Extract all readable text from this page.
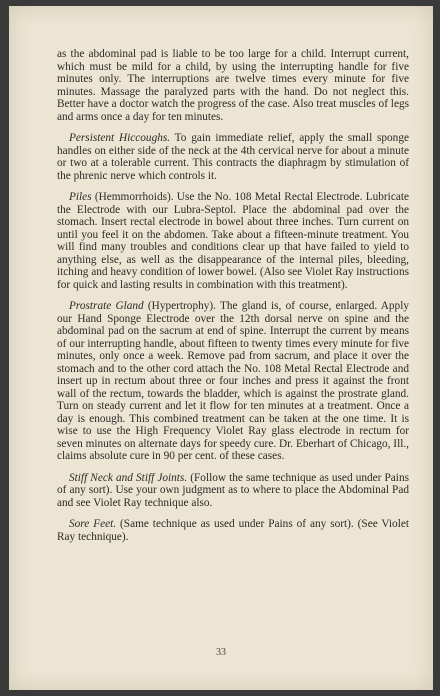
as the abdominal pad is liable to be too large for a child. Interrupt current, which must be mild for a child, by using the interrupting handle for five minutes only. The interruptions are twelve times every minute for five minutes. Massage the paralyzed parts with the hand. Do not neglect this. Better have a doctor watch the progress of the case. Also treat muscles of legs and arms once a day for ten minutes.

Persistent Hiccoughs. To gain immediate relief, apply the small sponge handles on either side of the neck at the 4th cervical nerve for about a minute or two at a tolerable current. This contracts the diaphragm by stimulation of the phrenic nerve which controls it.

Piles (Hemmorrhoids). Use the No. 108 Metal Rectal Electrode. Lubricate the Electrode with our Lubra-Septol. Place the abdominal pad over the stomach. Insert rectal electrode in bowel about three inches. Turn current on until you feel it on the abdomen. Take about a fifteen-minute treatment. You will find many troubles and conditions clear up that have failed to yield to anything else, as well as the disappearance of the internal piles, bleeding, itching and heavy condition of lower bowel. (Also see Violet Ray instructions for quick and lasting results in combination with this treatment).

Prostrate Gland (Hypertrophy). The gland is, of course, enlarged. Apply our Hand Sponge Electrode over the 12th dorsal nerve on spine and the abdominal pad on the sacrum at end of spine. Interrupt the current by means of our interrupting handle, about fifteen to twenty times every minute for five minutes, only once a week. Remove pad from sacrum, and place it over the stomach and to the other cord attach the No. 108 Metal Rectal Electrode and insert up in rectum about three or four inches and press it against the front wall of the rectum, towards the bladder, which is against the prostrate gland. Turn on steady current and let it flow for ten minutes at a treatment. Once a day is enough. This combined treatment can be taken at the one time. It is wise to use the High Frequency Violet Ray glass electrode in rectum for seven minutes on alternate days for speedy cure. Dr. Eberhart of Chicago, Ill., claims absolute cure in 90 per cent. of these cases.

Stiff Neck and Stiff Joints. (Follow the same technique as used under Pains of any sort). Use your own judgment as to where to place the Abdominal Pad and see Violet Ray technique also.

Sore Feet. (Same technique as used under Pains of any sort). (See Violet Ray technique).

33
